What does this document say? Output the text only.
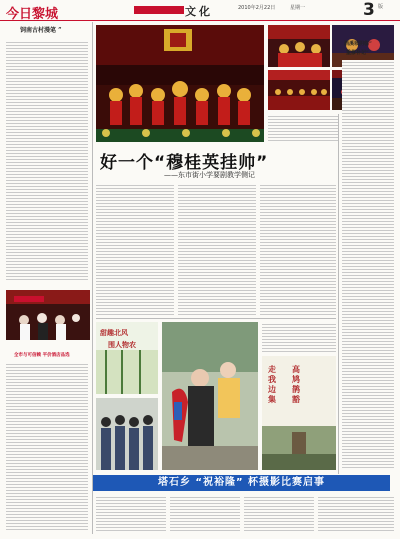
今日黎城	文化	2010年2月22日	星期一	3 版
饲南古村漫笔 ”
全市与可信赖 平价酒店品选
酒溪城阴临”
重修补记”
好一个“穆桂英挂帅”
——东市街小学要剧教学侧记
甜趣北风
围人物农
走 我 边 集
高 鸠 鹊 豁
塔石乡 “祝裕隆” 杯摄影比赛启事
